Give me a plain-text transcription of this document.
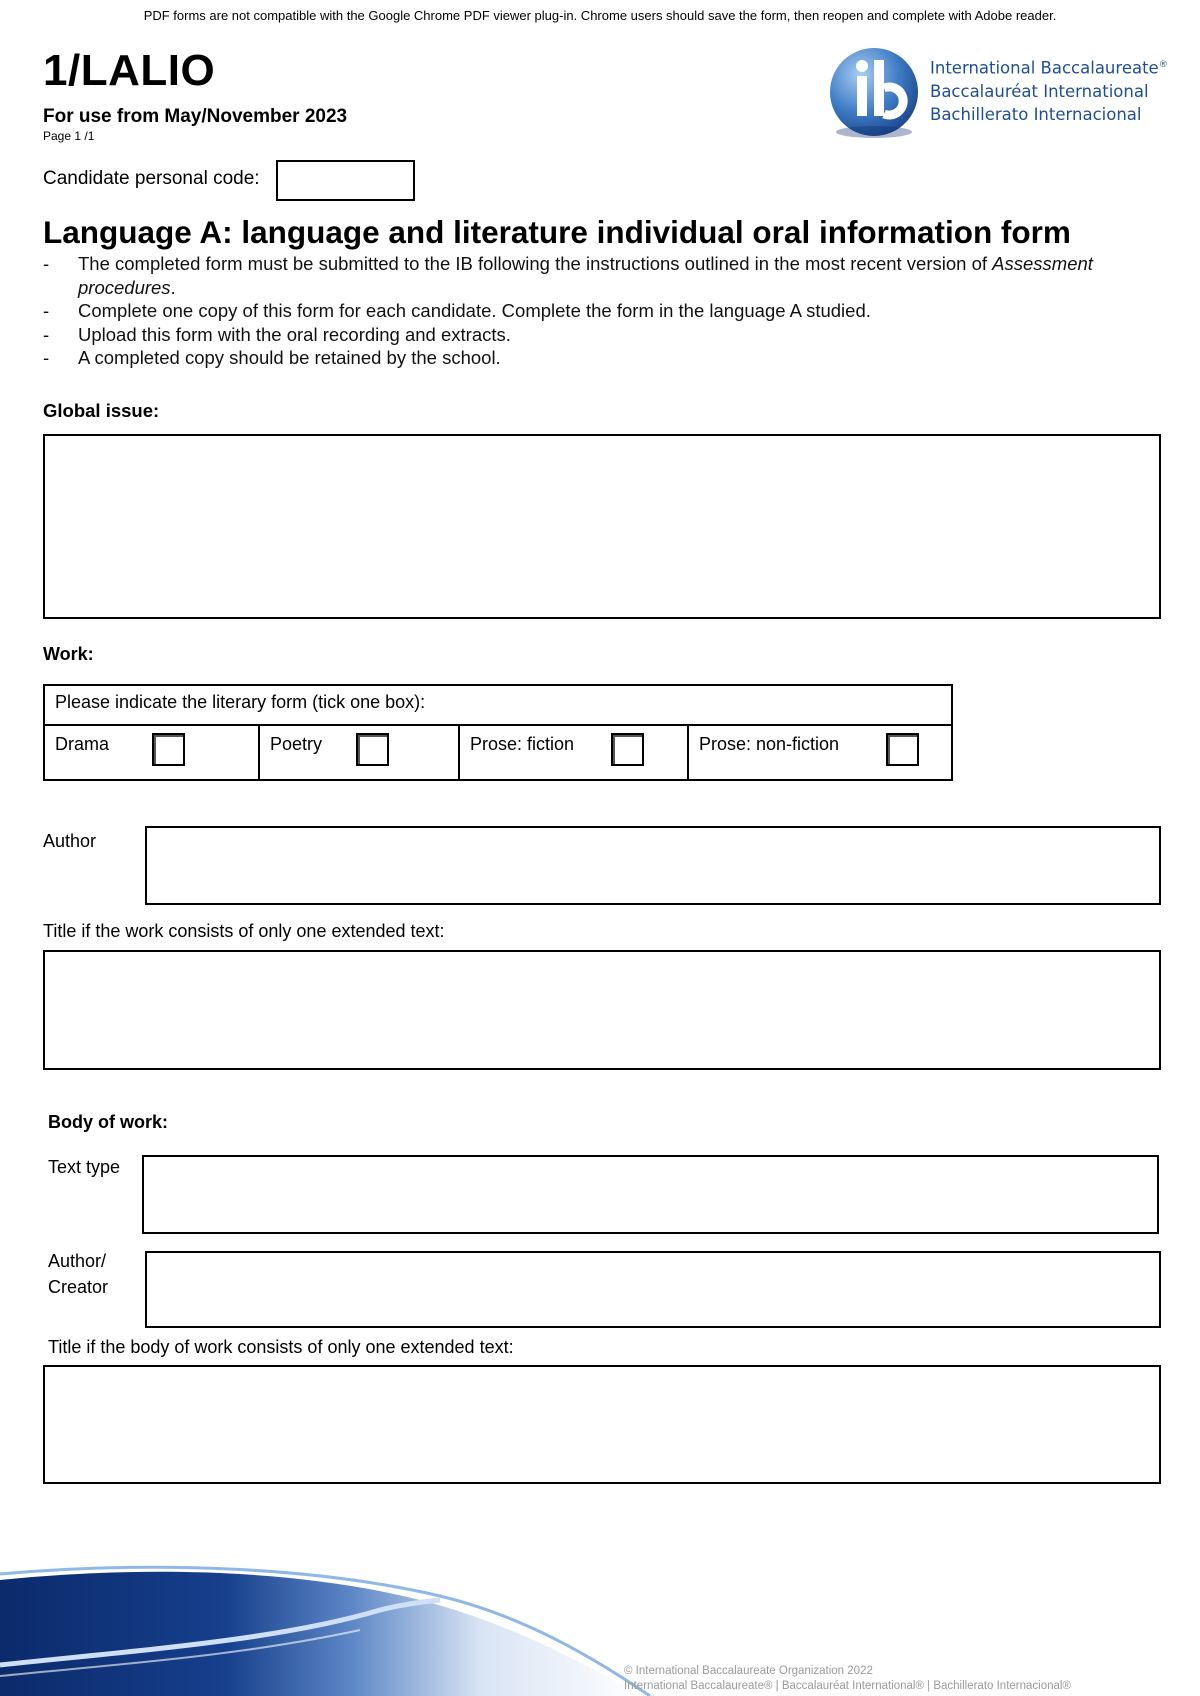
PDF forms are not compatible with the Google Chrome PDF viewer plug-in. Chrome users should save the form, then reopen and complete with Adobe reader.
1/LALIO
For use from May/November 2023
Page 1 /1
Candidate personal code:
International Baccalaureate®
Baccalauréat International
Bachillerato Internacional
Language A: language and literature individual oral information form
-	The completed form must be submitted to the IB following the instructions outlined in the most recent version of Assessment procedures.
-	Complete one copy of this form for each candidate. Complete the form in the language A studied.
-	Upload this form with the oral recording and extracts.
-	A completed copy should be retained by the school.
Global issue:
Work:
Please indicate the literary form (tick one box):
Drama	Poetry	Prose: fiction	Prose: non-fiction
Author
Title if the work consists of only one extended text:
Body of work:
Text type
Author/
Creator
Title if the body of work consists of only one extended text:
© International Baccalaureate Organization 2022
International Baccalaureate® | Baccalauréat International® | Bachillerato Internacional®
